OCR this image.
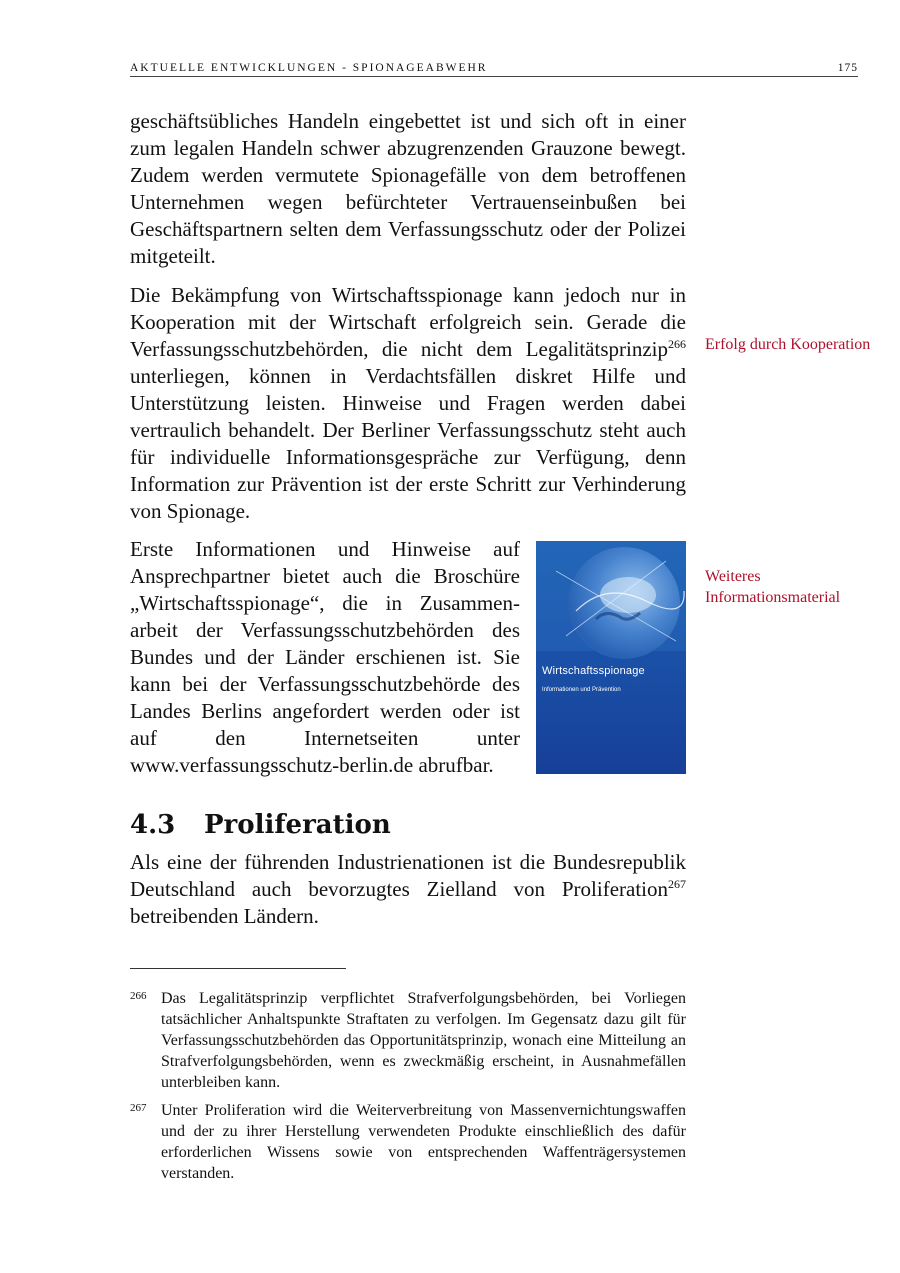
AKTUELLE ENTWICKLUNGEN - SPIONAGEABWEHR	175

geschäftsübliches Handeln eingebettet ist und sich oft in einer zum legalen Handeln schwer abzugrenzenden Grauzone bewegt. Zudem werden vermutete Spionagefälle von dem betroffenen Unternehmen wegen befürchteter Vertrauenseinbußen bei Geschäftspartnern selten dem Verfassungsschutz oder der Polizei mitgeteilt.

Die Bekämpfung von Wirtschaftsspionage kann jedoch nur in Kooperation mit der Wirtschaft erfolgreich sein. Gerade die Verfassungsschutzbehörden, die nicht dem Legalitätsprinzip$^{266}$ unterliegen, können in Verdachtsfällen diskret Hilfe und Unterstützung leisten. Hinweise und Fragen werden dabei vertraulich behandelt. Der Berliner Verfassungsschutz steht auch für individuelle Informationsgespräche zur Verfügung, denn Information zur Prävention ist der erste Schritt zur Verhinderung von Spionage.

Erfolg durch Kooperation

Erste Informationen und Hinweise auf Ansprechpartner bietet auch die Broschüre „Wirtschaftsspionage“, die in Zusammenarbeit der Verfassungsschutzbehörden des Bundes und der Länder erschienen ist. Sie kann bei der Verfassungsschutzbehörde des Landes Berlins angefordert werden oder ist auf den Internetseiten unter www.verfassungsschutz-berlin.de abrufbar.

Wirtschaftsspionage
Informationen und Prävention
Weiteres Informationsmaterial
4.3 Proliferation

Als eine der führenden Industrienationen ist die Bundesrepublik Deutschland auch bevorzugtes Zielland von Proliferation$^{267}$ betreibenden Ländern.

266 Das Legalitätsprinzip verpflichtet Strafverfolgungsbehörden, bei Vorliegen tatsächlicher Anhaltspunkte Straftaten zu verfolgen. Im Gegensatz dazu gilt für Verfassungsschutzbehörden das Opportunitätsprinzip, wonach eine Mitteilung an Strafverfolgungsbehörden, wenn es zweckmäßig erscheint, in Ausnahmefällen unterbleiben kann.
267 Unter Proliferation wird die Weiterverbreitung von Massenvernichtungswaffen und der zu ihrer Herstellung verwendeten Produkte einschließlich des dafür erforderlichen Wissens sowie von entsprechenden Waffenträgersystemen verstanden.
